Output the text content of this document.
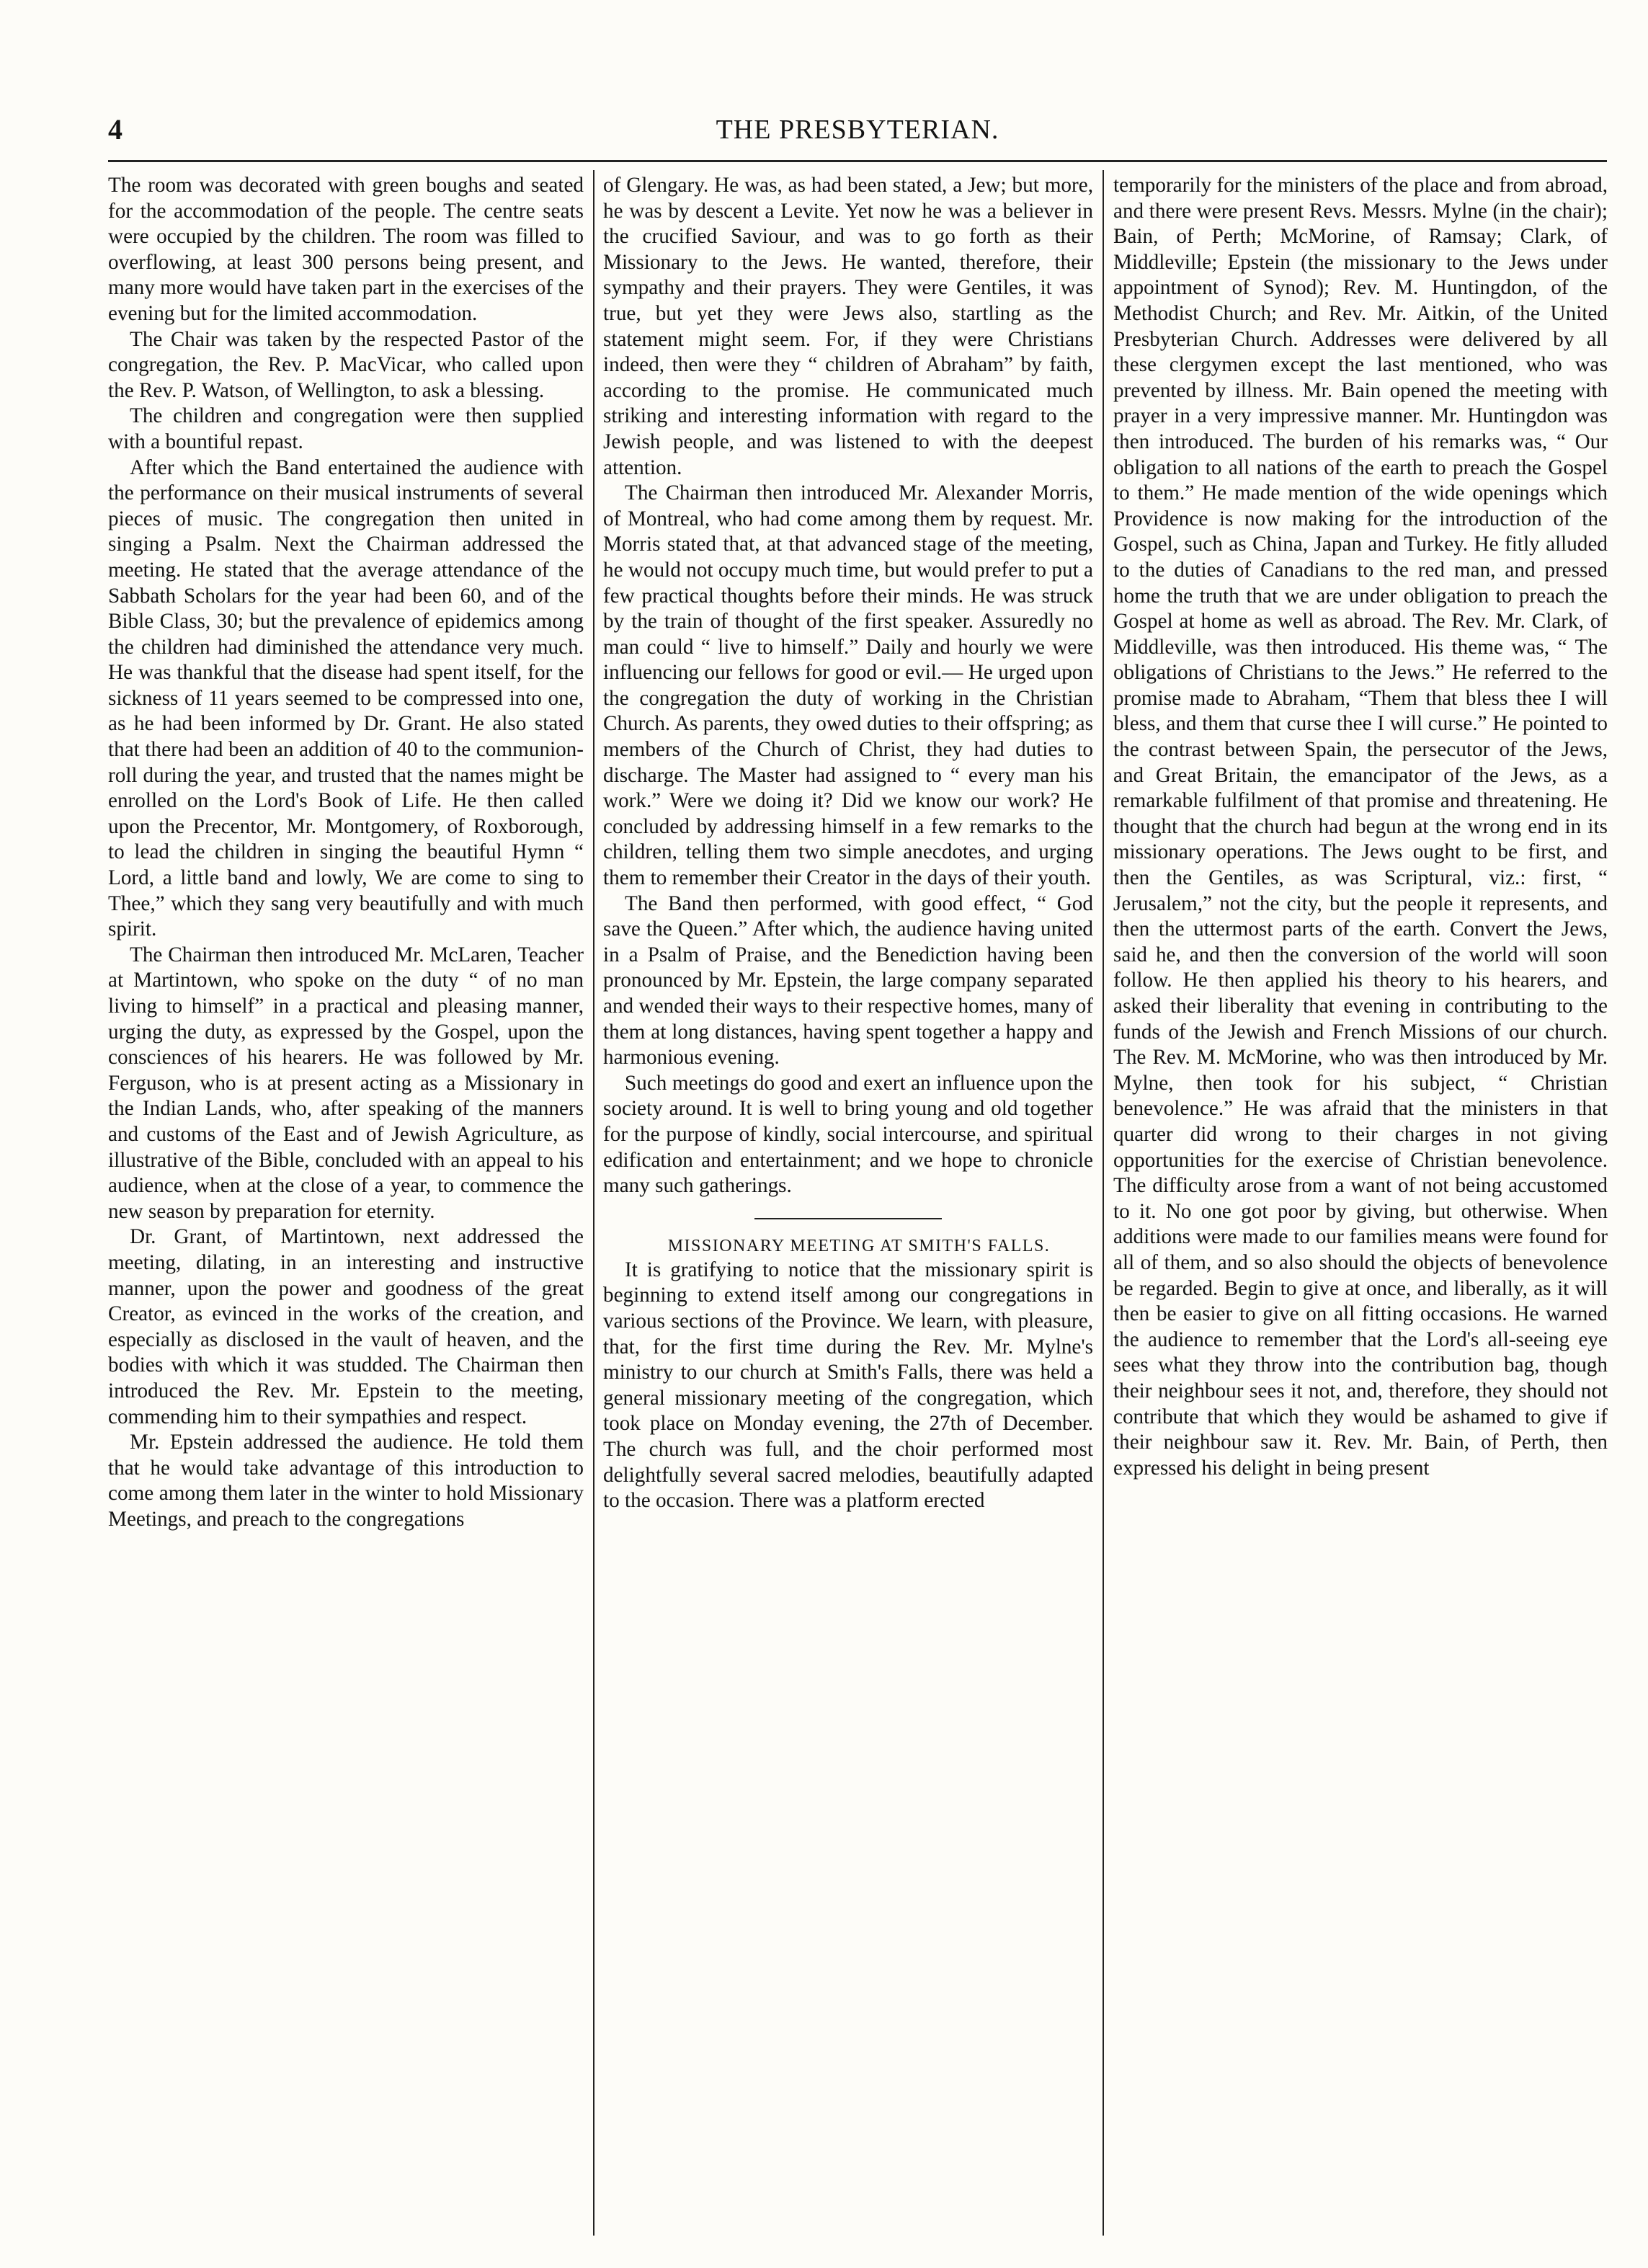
4	THE PRESBYTERIAN.

The room was decorated with green boughs and seated for the accommodation of the people. The centre seats were occupied by the children. The room was filled to overflowing, at least 300 persons being present, and many more would have taken part in the exercises of the evening but for the limited accommodation.

The Chair was taken by the respected Pastor of the congregation, the Rev. P. MacVicar, who called upon the Rev. P. Watson, of Wellington, to ask a blessing.

The children and congregation were then supplied with a bountiful repast.

After which the Band entertained the audience with the performance on their musical instruments of several pieces of music. The congregation then united in singing a Psalm. Next the Chairman addressed the meeting. He stated that the average attendance of the Sabbath Scholars for the year had been 60, and of the Bible Class, 30; but the prevalence of epidemics among the children had diminished the attendance very much. He was thankful that the disease had spent itself, for the sickness of 11 years seemed to be compressed into one, as he had been informed by Dr. Grant. He also stated that there had been an addition of 40 to the communion-roll during the year, and trusted that the names might be enrolled on the Lord's Book of Life. He then called upon the Precentor, Mr. Montgomery, of Roxborough, to lead the children in singing the beautiful Hymn “ Lord, a little band and lowly, We are come to sing to Thee,” which they sang very beautifully and with much spirit.

The Chairman then introduced Mr. McLaren, Teacher at Martintown, who spoke on the duty “ of no man living to himself” in a practical and pleasing manner, urging the duty, as expressed by the Gospel, upon the consciences of his hearers. He was followed by Mr. Ferguson, who is at present acting as a Missionary in the Indian Lands, who, after speaking of the manners and customs of the East and of Jewish Agriculture, as illustrative of the Bible, concluded with an appeal to his audience, when at the close of a year, to commence the new season by preparation for eternity.

Dr. Grant, of Martintown, next addressed the meeting, dilating, in an interesting and instructive manner, upon the power and goodness of the great Creator, as evinced in the works of the creation, and especially as disclosed in the vault of heaven, and the bodies with which it was studded. The Chairman then introduced the Rev. Mr. Epstein to the meeting, commending him to their sympathies and respect.

Mr. Epstein addressed the audience. He told them that he would take advantage of this introduction to come among them later in the winter to hold Missionary Meetings, and preach to the congregations

of Glengary. He was, as had been stated, a Jew; but more, he was by descent a Levite. Yet now he was a believer in the crucified Saviour, and was to go forth as their Missionary to the Jews. He wanted, therefore, their sympathy and their prayers. They were Gentiles, it was true, but yet they were Jews also, startling as the statement might seem. For, if they were Christians indeed, then were they “ children of Abraham” by faith, according to the promise. He communicated much striking and interesting information with regard to the Jewish people, and was listened to with the deepest attention.

The Chairman then introduced Mr. Alexander Morris, of Montreal, who had come among them by request. Mr. Morris stated that, at that advanced stage of the meeting, he would not occupy much time, but would prefer to put a few practical thoughts before their minds. He was struck by the train of thought of the first speaker. Assuredly no man could “ live to himself.” Daily and hourly we were influencing our fellows for good or evil.— He urged upon the congregation the duty of working in the Christian Church. As parents, they owed duties to their offspring; as members of the Church of Christ, they had duties to discharge. The Master had assigned to “ every man his work.” Were we doing it? Did we know our work? He concluded by addressing himself in a few remarks to the children, telling them two simple anecdotes, and urging them to remember their Creator in the days of their youth.

The Band then performed, with good effect, “ God save the Queen.” After which, the audience having united in a Psalm of Praise, and the Benediction having been pronounced by Mr. Epstein, the large company separated and wended their ways to their respective homes, many of them at long distances, having spent together a happy and harmonious evening.

Such meetings do good and exert an influence upon the society around. It is well to bring young and old together for the purpose of kindly, social intercourse, and spiritual edification and entertainment; and we hope to chronicle many such gatherings.

MISSIONARY MEETING AT SMITH'S FALLS.

It is gratifying to notice that the missionary spirit is beginning to extend itself among our congregations in various sections of the Province. We learn, with pleasure, that, for the first time during the Rev. Mr. Mylne's ministry to our church at Smith's Falls, there was held a general missionary meeting of the congregation, which took place on Monday evening, the 27th of December. The church was full, and the choir performed most delightfully several sacred melodies, beautifully adapted to the occasion. There was a platform erected

temporarily for the ministers of the place and from abroad, and there were present Revs. Messrs. Mylne (in the chair); Bain, of Perth; McMorine, of Ramsay; Clark, of Middleville; Epstein (the missionary to the Jews under appointment of Synod); Rev. M. Huntingdon, of the Methodist Church; and Rev. Mr. Aitkin, of the United Presbyterian Church. Addresses were delivered by all these clergymen except the last mentioned, who was prevented by illness. Mr. Bain opened the meeting with prayer in a very impressive manner. Mr. Huntingdon was then introduced. The burden of his remarks was, “ Our obligation to all nations of the earth to preach the Gospel to them.” He made mention of the wide openings which Providence is now making for the introduction of the Gospel, such as China, Japan and Turkey. He fitly alluded to the duties of Canadians to the red man, and pressed home the truth that we are under obligation to preach the Gospel at home as well as abroad. The Rev. Mr. Clark, of Middleville, was then introduced. His theme was, “ The obligations of Christians to the Jews.” He referred to the promise made to Abraham, “Them that bless thee I will bless, and them that curse thee I will curse.” He pointed to the contrast between Spain, the persecutor of the Jews, and Great Britain, the emancipator of the Jews, as a remarkable fulfilment of that promise and threatening. He thought that the church had begun at the wrong end in its missionary operations. The Jews ought to be first, and then the Gentiles, as was Scriptural, viz.: first, “ Jerusalem,” not the city, but the people it represents, and then the uttermost parts of the earth. Convert the Jews, said he, and then the conversion of the world will soon follow. He then applied his theory to his hearers, and asked their liberality that evening in contributing to the funds of the Jewish and French Missions of our church. The Rev. M. McMorine, who was then introduced by Mr. Mylne, then took for his subject, “ Christian benevolence.” He was afraid that the ministers in that quarter did wrong to their charges in not giving opportunities for the exercise of Christian benevolence. The difficulty arose from a want of not being accustomed to it. No one got poor by giving, but otherwise. When additions were made to our families means were found for all of them, and so also should the objects of benevolence be regarded. Begin to give at once, and liberally, as it will then be easier to give on all fitting occasions. He warned the audience to remember that the Lord's all-seeing eye sees what they throw into the contribution bag, though their neighbour sees it not, and, therefore, they should not contribute that which they would be ashamed to give if their neighbour saw it. Rev. Mr. Bain, of Perth, then expressed his delight in being present
